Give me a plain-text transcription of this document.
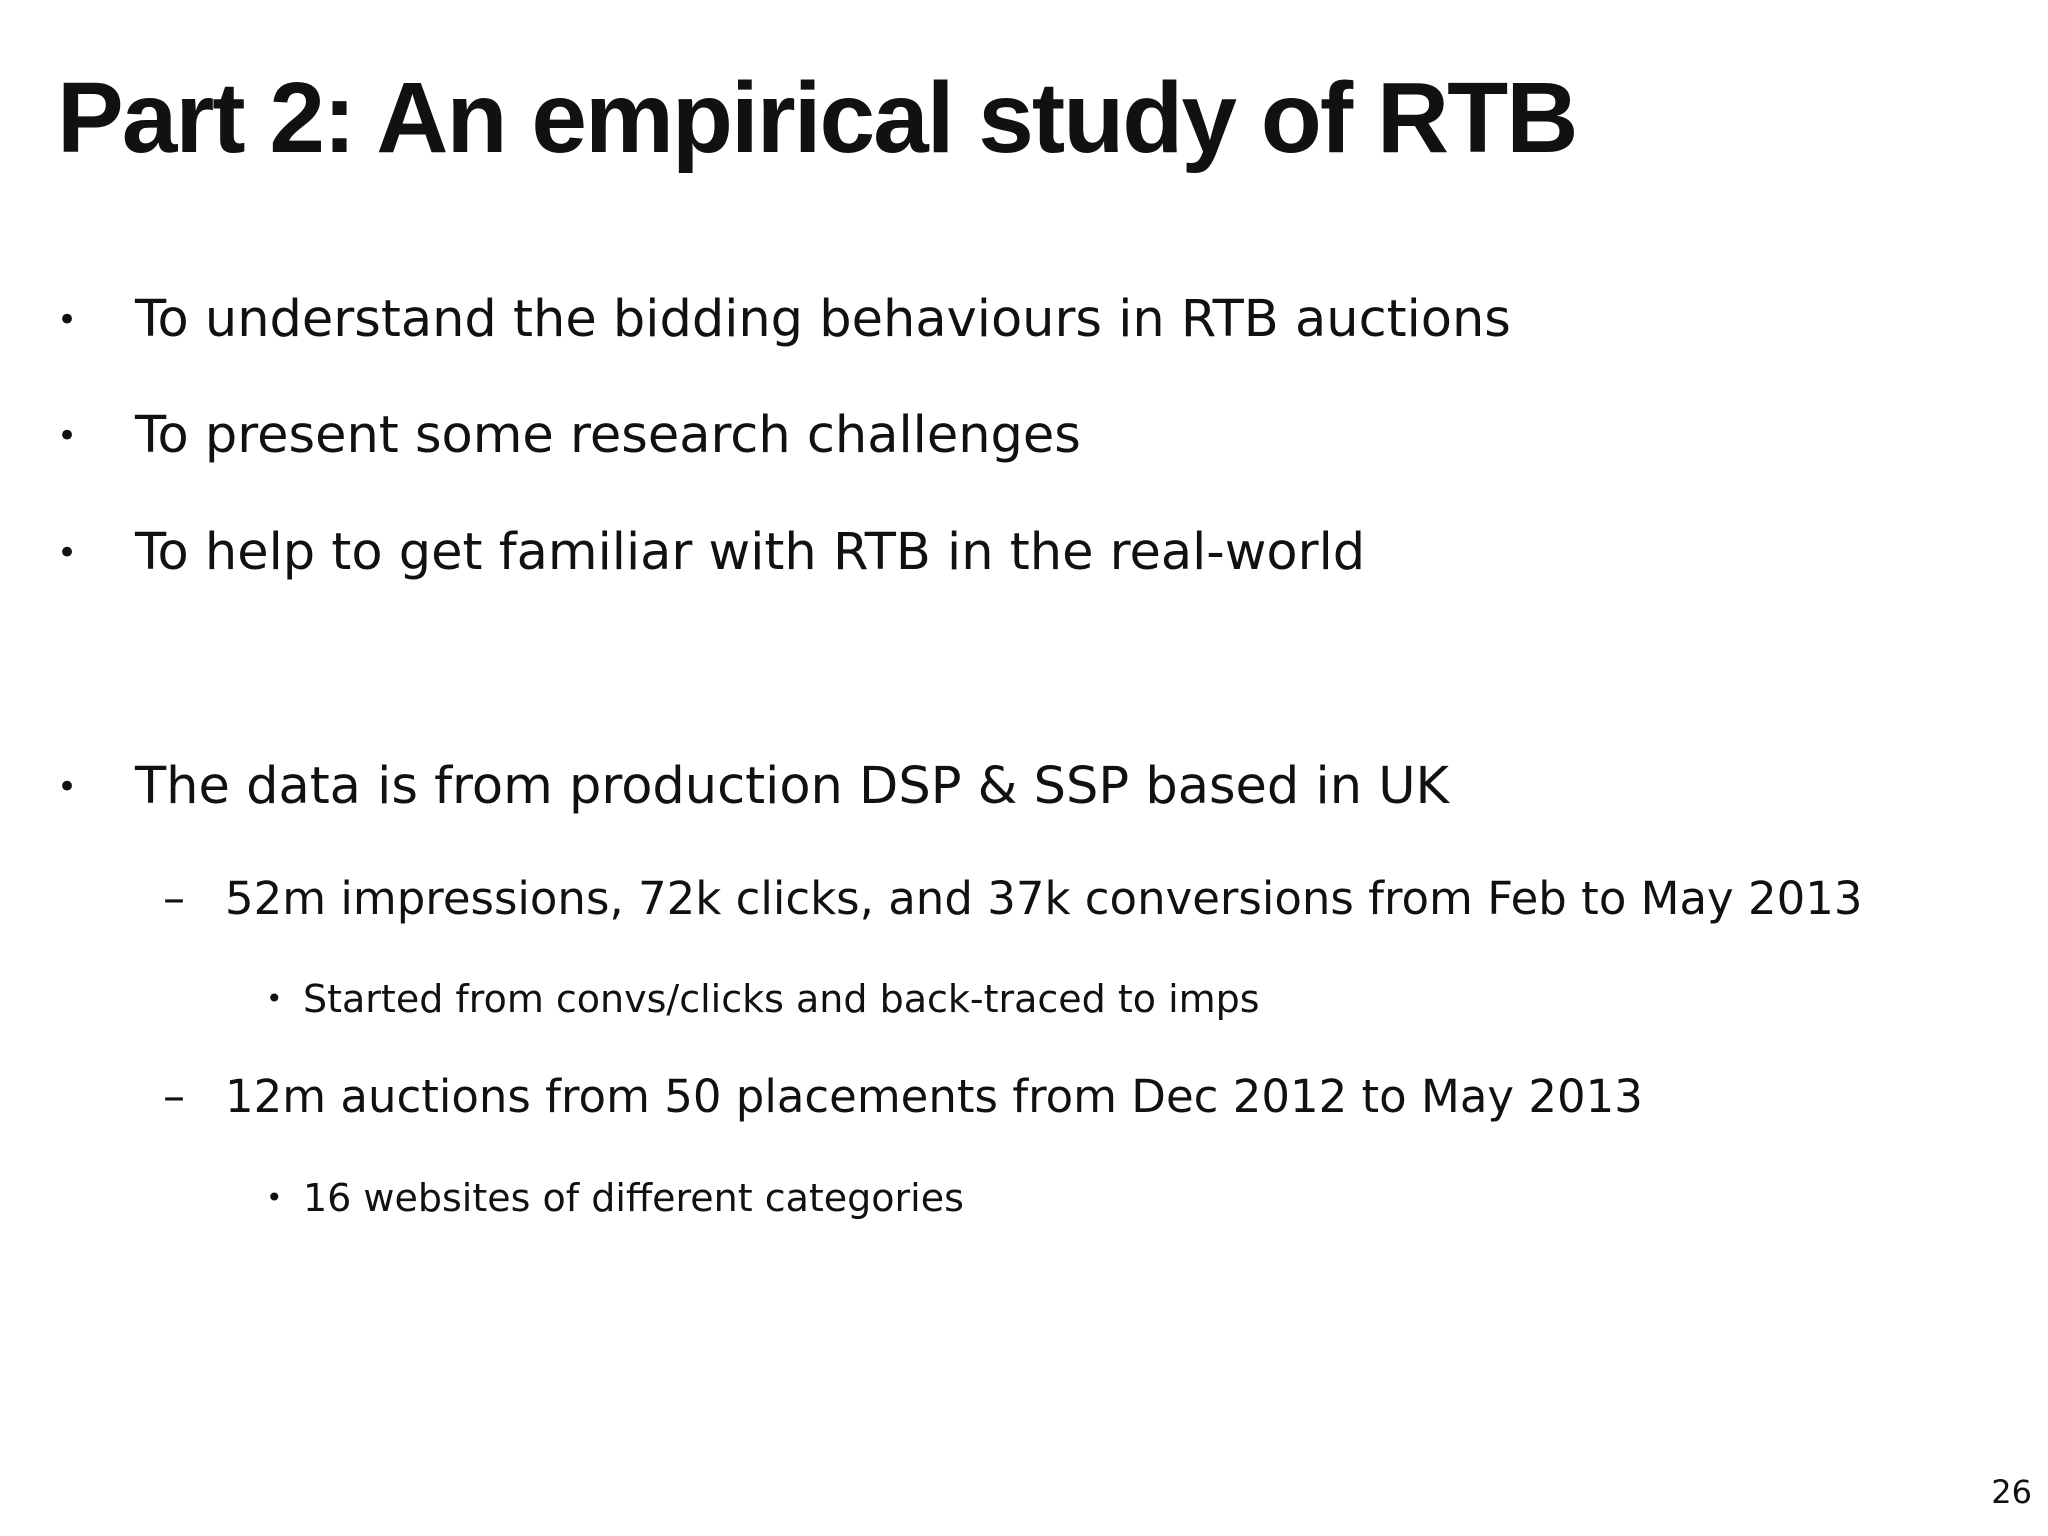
Part 2: An empirical study of RTB
• To understand the bidding behaviours in RTB auctions
• To present some research challenges
• To help to get familiar with RTB in the real-world
• The data is from production DSP & SSP based in UK
– 52m impressions, 72k clicks, and 37k conversions from Feb to May 2013
• Started from convs/clicks and back-traced to imps
– 12m auctions from 50 placements from Dec 2012 to May 2013
• 16 websites of different categories
26
